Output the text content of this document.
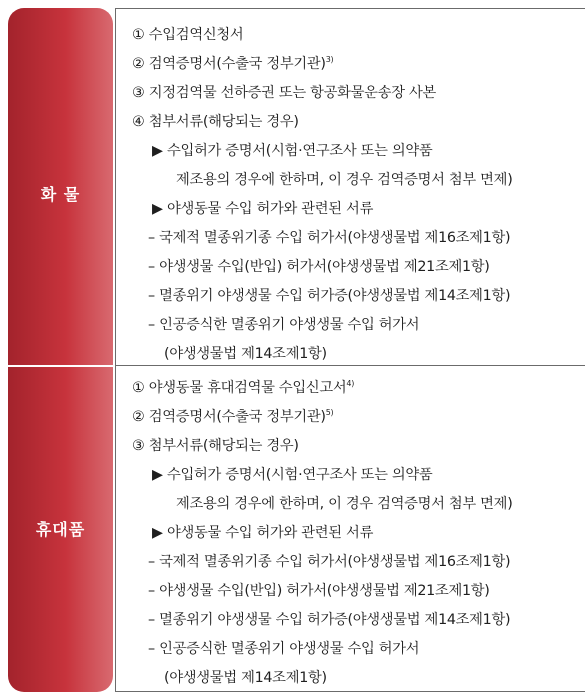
화 물
휴대품
① 수입검역신청서
② 검역증명서(수출국 정부기관)$^{3)}$
③ 지정검역물 선하증권 또는 항공화물운송장 사본
④ 첨부서류(해당되는 경우)
▶ 수입허가 증명서(시험·연구조사 또는 의약품
제조용의 경우에 한하며, 이 경우 검역증명서 첨부 면제)
▶ 야생동물 수입 허가와 관련된 서류
– 국제적 멸종위기종 수입 허가서(야생생물법 제16조제1항)
– 야생생물 수입(반입) 허가서(야생생물법 제21조제1항)
– 멸종위기 야생생물 수입 허가증(야생생물법 제14조제1항)
– 인공증식한 멸종위기 야생생물 수입 허가서
(야생생물법 제14조제1항)
① 야생동물 휴대검역물 수입신고서$^{4)}$
② 검역증명서(수출국 정부기관)$^{5)}$
③ 첨부서류(해당되는 경우)
▶ 수입허가 증명서(시험·연구조사 또는 의약품
제조용의 경우에 한하며, 이 경우 검역증명서 첨부 면제)
▶ 야생동물 수입 허가와 관련된 서류
– 국제적 멸종위기종 수입 허가서(야생생물법 제16조제1항)
– 야생생물 수입(반입) 허가서(야생생물법 제21조제1항)
– 멸종위기 야생생물 수입 허가증(야생생물법 제14조제1항)
– 인공증식한 멸종위기 야생생물 수입 허가서
(야생생물법 제14조제1항)
